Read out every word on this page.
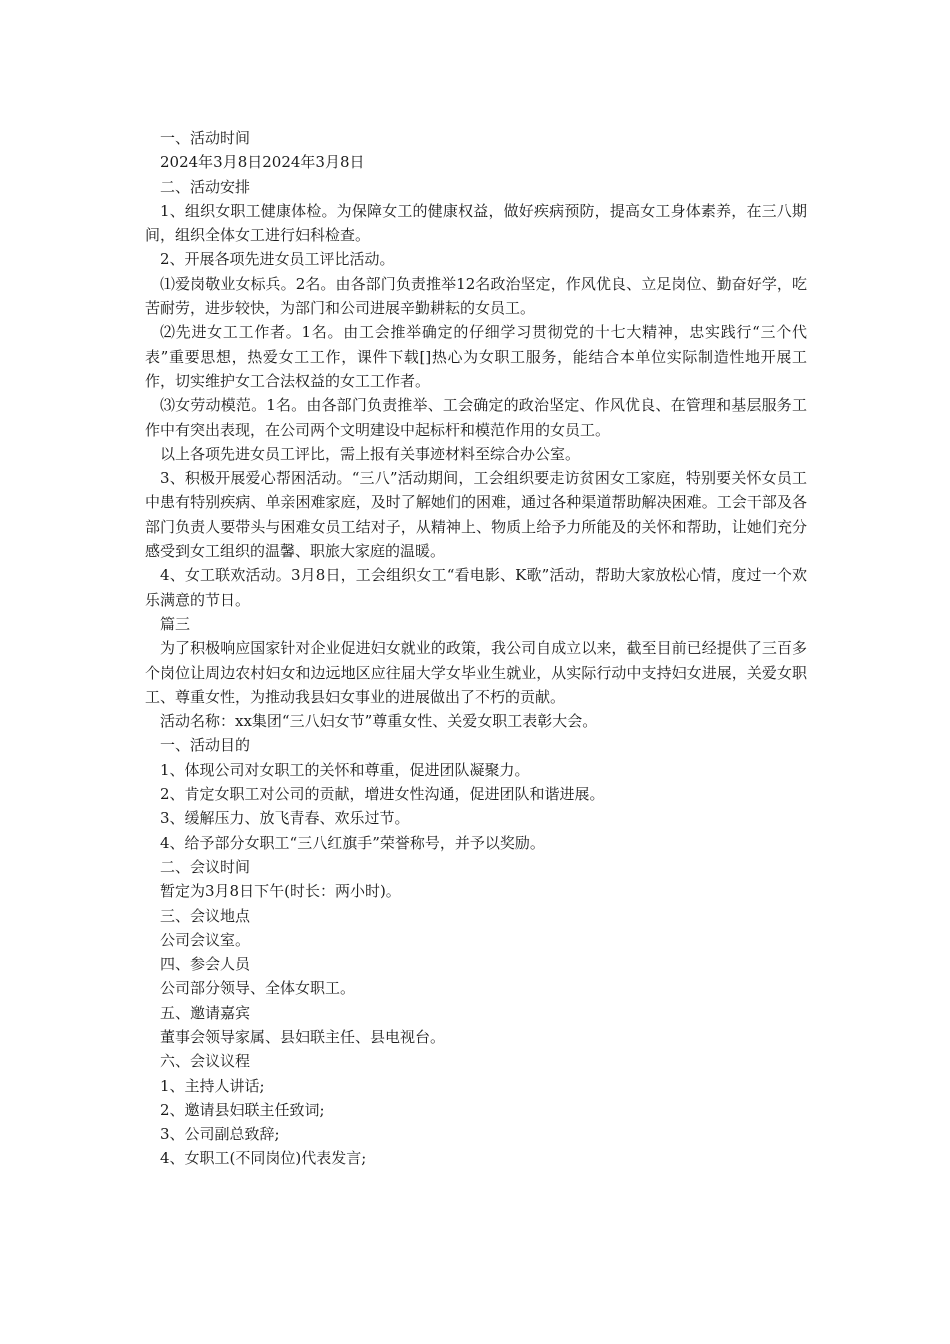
一、活动时间

2024年3月8日2024年3月8日

二、活动安排

1、组织女职工健康体检。为保障女工的健康权益，做好疾病预防，提高女工身体素养，在三八期间，组织全体女工进行妇科检查。

2、开展各项先进女员工评比活动。

⑴爱岗敬业女标兵。2名。由各部门负责推举12名政治坚定，作风优良、立足岗位、勤奋好学，吃苦耐劳，进步较快，为部门和公司进展辛勤耕耘的女员工。

⑵先进女工工作者。1名。由工会推举确定的仔细学习贯彻党的十七大精神，忠实践行“三个代表”重要思想，热爱女工工作，课件下载[]热心为女职工服务，能结合本单位实际制造性地开展工作，切实维护女工合法权益的女工工作者。

⑶女劳动模范。1名。由各部门负责推举、工会确定的政治坚定、作风优良、在管理和基层服务工作中有突出表现，在公司两个文明建设中起标杆和模范作用的女员工。

以上各项先进女员工评比，需上报有关事迹材料至综合办公室。

3、积极开展爱心帮困活动。“三八”活动期间，工会组织要走访贫困女工家庭，特别要关怀女员工中患有特别疾病、单亲困难家庭，及时了解她们的困难，通过各种渠道帮助解决困难。工会干部及各部门负责人要带头与困难女员工结对子，从精神上、物质上给予力所能及的关怀和帮助，让她们充分感受到女工组织的温馨、职旅大家庭的温暖。

4、女工联欢活动。3月8日，工会组织女工“看电影、K歌”活动，帮助大家放松心情，度过一个欢乐满意的节日。

篇三

为了积极响应国家针对企业促进妇女就业的政策，我公司自成立以来，截至目前已经提供了三百多个岗位让周边农村妇女和边远地区应往届大学女毕业生就业，从实际行动中支持妇女进展，关爱女职工、尊重女性，为推动我县妇女事业的进展做出了不朽的贡献。

活动名称：xx集团“三八妇女节”尊重女性、关爱女职工表彰大会。

一、活动目的

1、体现公司对女职工的关怀和尊重，促进团队凝聚力。

2、肯定女职工对公司的贡献，增进女性沟通，促进团队和谐进展。

3、缓解压力、放飞青春、欢乐过节。

4、给予部分女职工“三八红旗手”荣誉称号，并予以奖励。

二、会议时间

暂定为3月8日下午(时长：两小时)。

三、会议地点

公司会议室。

四、参会人员

公司部分领导、全体女职工。

五、邀请嘉宾

董事会领导家属、县妇联主任、县电视台。

六、会议议程

1、主持人讲话;

2、邀请县妇联主任致词;

3、公司副总致辞;

4、女职工(不同岗位)代表发言;
